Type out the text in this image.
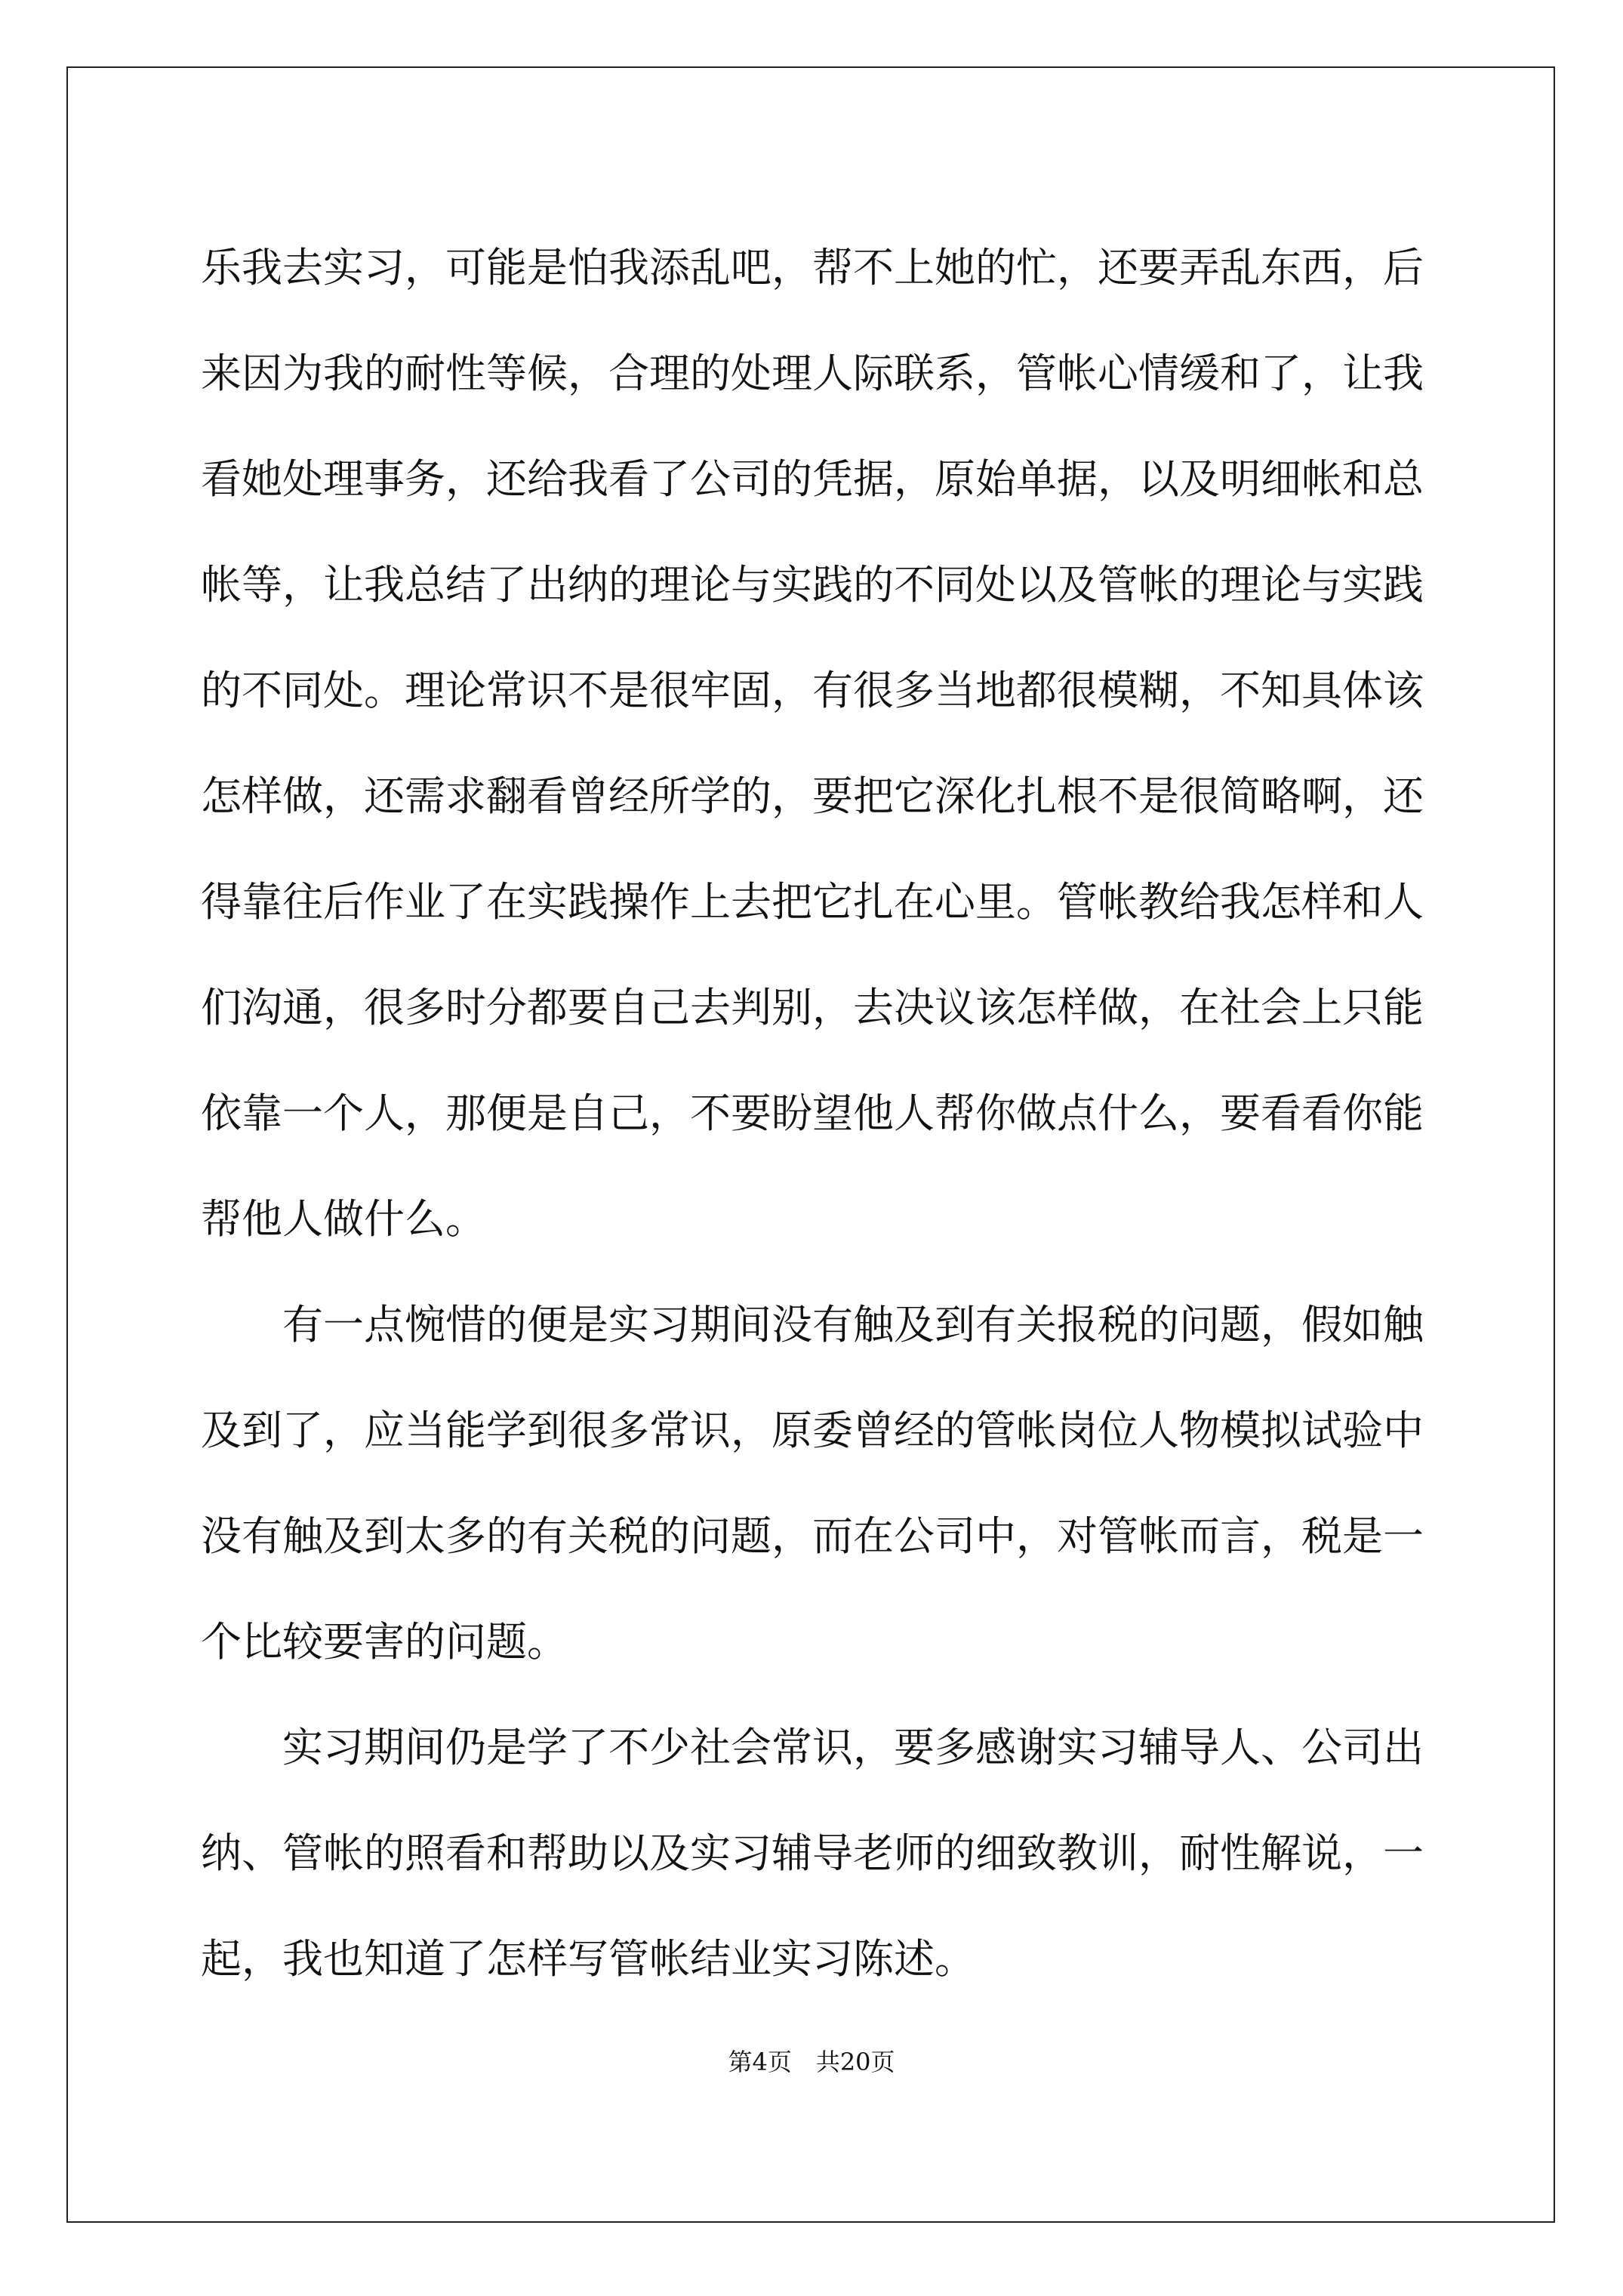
乐我去实习，可能是怕我添乱吧，帮不上她的忙，还要弄乱东西，后来因为我的耐性等候，合理的处理人际联系，管帐心情缓和了，让我看她处理事务，还给我看了公司的凭据，原始单据，以及明细帐和总帐等，让我总结了出纳的理论与实践的不同处以及管帐的理论与实践的不同处。理论常识不是很牢固，有很多当地都很模糊，不知具体该怎样做，还需求翻看曾经所学的，要把它深化扎根不是很简略啊，还得靠往后作业了在实践操作上去把它扎在心里。管帐教给我怎样和人们沟通，很多时分都要自己去判别，去决议该怎样做，在社会上只能依靠一个人，那便是自己，不要盼望他人帮你做点什么，要看看你能帮他人做什么。

有一点惋惜的便是实习期间没有触及到有关报税的问题，假如触及到了，应当能学到很多常识，原委曾经的管帐岗位人物模拟试验中没有触及到太多的有关税的问题，而在公司中，对管帐而言，税是一个比较要害的问题。

实习期间仍是学了不少社会常识，要多感谢实习辅导人、公司出纳、管帐的照看和帮助以及实习辅导老师的细致教训，耐性解说，一起，我也知道了怎样写管帐结业实习陈述。

第4页　共20页
